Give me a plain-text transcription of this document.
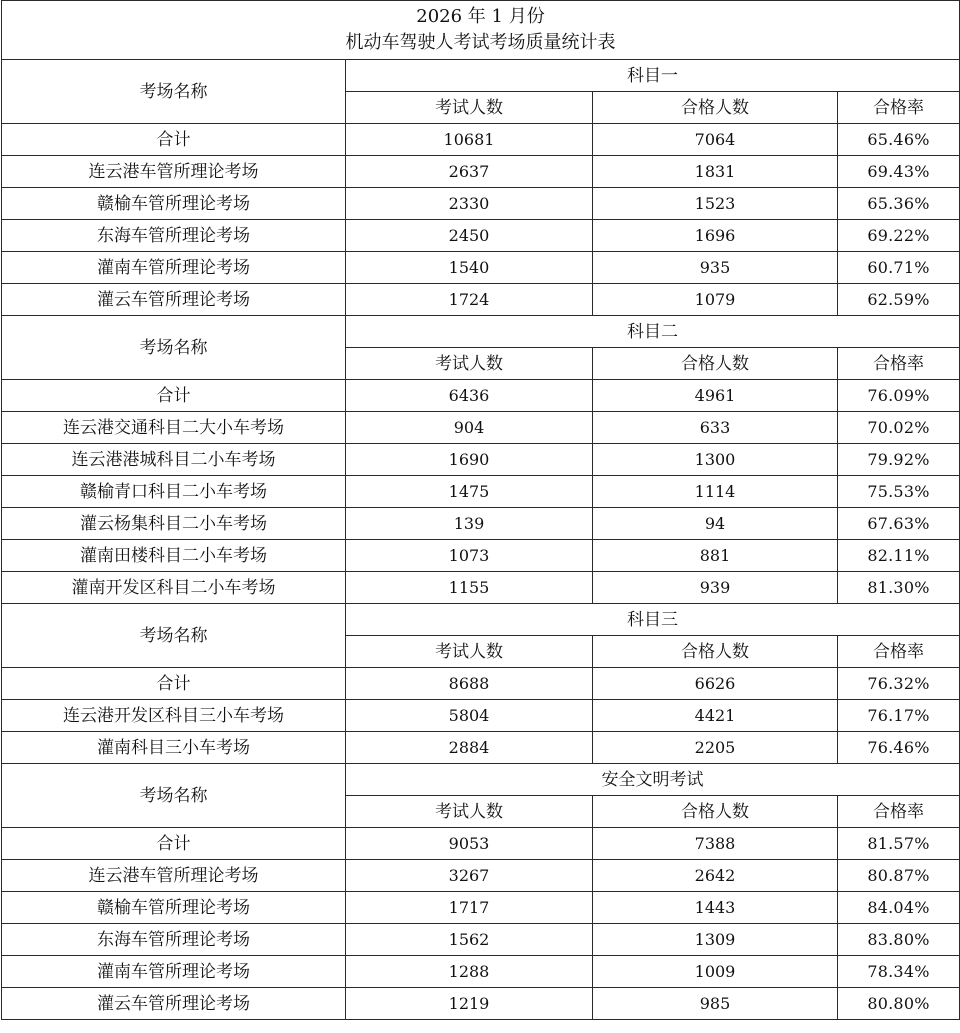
2026 年 1 月份
机动车驾驶人考试考场质量统计表			

考场名称	科目一		
	考试人数	合格人数	合格率
合计	10681	7064	65.46%
连云港车管所理论考场	2637	1831	69.43%
赣榆车管所理论考场	2330	1523	65.36%
东海车管所理论考场	2450	1696	69.22%
灌南车管所理论考场	1540	935	60.71%
灌云车管所理论考场	1724	1079	62.59%
考场名称	科目二		
	考试人数	合格人数	合格率
合计	6436	4961	76.09%
连云港交通科目二大小车考场	904	633	70.02%
连云港港城科目二小车考场	1690	1300	79.92%
赣榆青口科目二小车考场	1475	1114	75.53%
灌云杨集科目二小车考场	139	94	67.63%
灌南田楼科目二小车考场	1073	881	82.11%
灌南开发区科目二小车考场	1155	939	81.30%
考场名称	科目三		
	考试人数	合格人数	合格率
合计	8688	6626	76.32%
连云港开发区科目三小车考场	5804	4421	76.17%
灌南科目三小车考场	2884	2205	76.46%
考场名称	安全文明考试		
	考试人数	合格人数	合格率
合计	9053	7388	81.57%
连云港车管所理论考场	3267	2642	80.87%
赣榆车管所理论考场	1717	1443	84.04%
东海车管所理论考场	1562	1309	83.80%
灌南车管所理论考场	1288	1009	78.34%
灌云车管所理论考场	1219	985	80.80%
